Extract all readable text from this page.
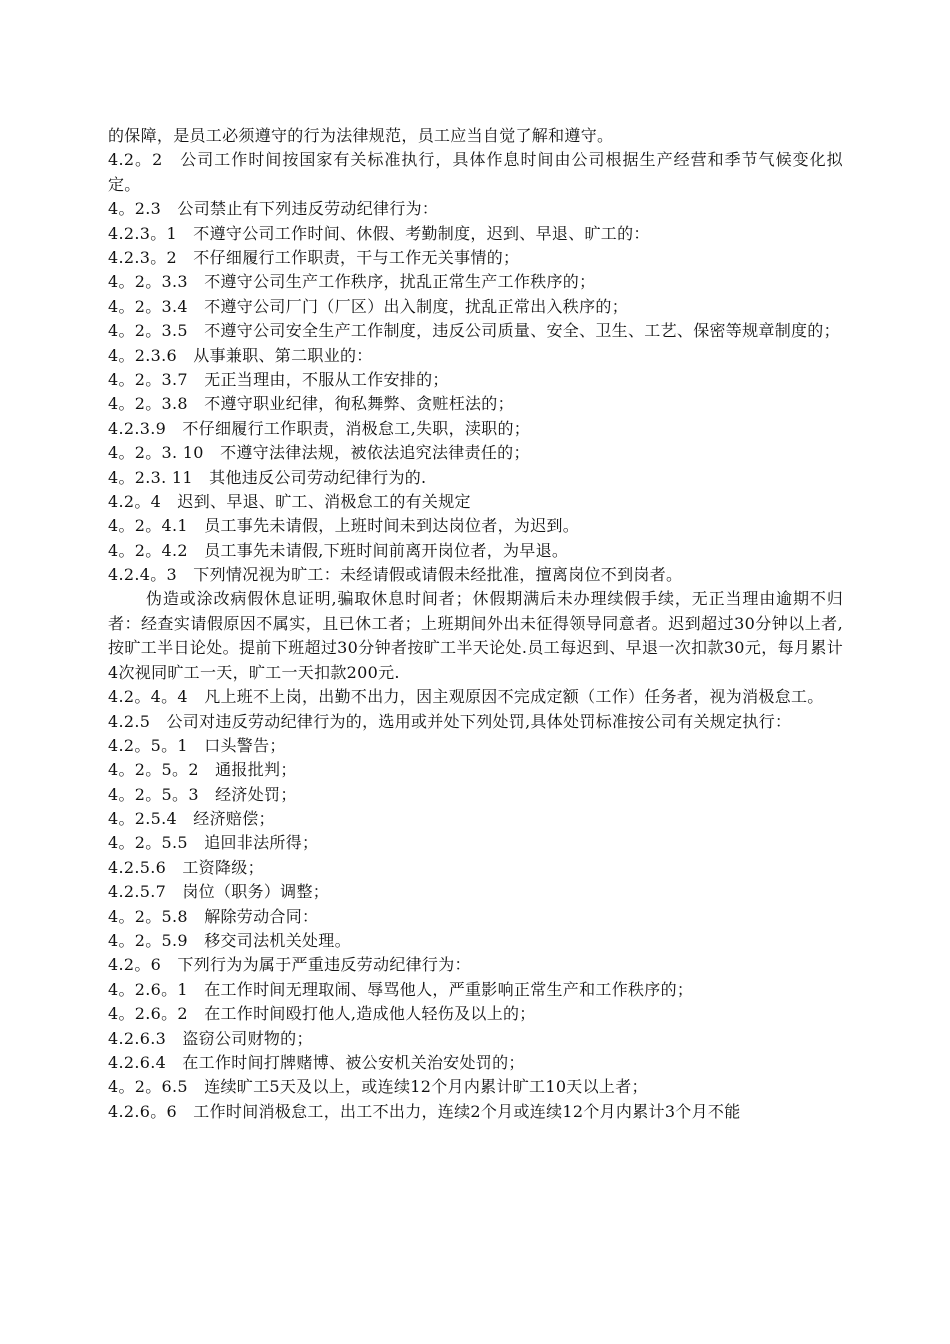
的保障，是员工必须遵守的行为法律规范，员工应当自觉了解和遵守。
4.2。2　公司工作时间按国家有关标准执行，具体作息时间由公司根据生产经营和季节气候变化拟定。
4。2.3　公司禁止有下列违反劳动纪律行为：
4.2.3。1　不遵守公司工作时间、休假、考勤制度，迟到、早退、旷工的：
4.2.3。2　不仔细履行工作职责，干与工作无关事情的；
4。2。3.3　不遵守公司生产工作秩序，扰乱正常生产工作秩序的；
4。2。3.4　不遵守公司厂门（厂区）出入制度，扰乱正常出入秩序的；
4。2。3.5　不遵守公司安全生产工作制度，违反公司质量、安全、卫生、工艺、保密等规章制度的；
4。2.3.6　从事兼职、第二职业的：
4。2。3.7　无正当理由，不服从工作安排的；
4。2。3.8　不遵守职业纪律，徇私舞弊、贪赃枉法的；
4.2.3.9　不仔细履行工作职责，消极怠工,失职，渎职的；
4。2。3. 10　不遵守法律法规，被依法追究法律责任的；
4。2.3. 11　其他违反公司劳动纪律行为的.
4.2。4　迟到、早退、旷工、消极怠工的有关规定
4。2。4.1　员工事先未请假，上班时间未到达岗位者，为迟到。
4。2。4.2　员工事先未请假,下班时间前离开岗位者，为早退。
4.2.4。3　下列情况视为旷工：未经请假或请假未经批准，擅离岗位不到岗者。
伪造或涂改病假休息证明,骗取休息时间者；休假期满后未办理续假手续，无正当理由逾期不归者：经查实请假原因不属实，且已休工者；上班期间外出未征得领导同意者。迟到超过30分钟以上者,按旷工半日论处。提前下班超过30分钟者按旷工半天论处.员工每迟到、早退一次扣款30元，每月累计4次视同旷工一天，旷工一天扣款200元.
4.2。4。4　凡上班不上岗，出勤不出力，因主观原因不完成定额（工作）任务者，视为消极怠工。
4.2.5　公司对违反劳动纪律行为的，选用或并处下列处罚,具体处罚标准按公司有关规定执行：
4.2。5。1　口头警告；
4。2。5。2　通报批判；
4。2。5。3　经济处罚；
4。2.5.4　经济赔偿；
4。2。5.5　追回非法所得；
4.2.5.6　工资降级；
4.2.5.7　岗位（职务）调整；
4。2。5.8　解除劳动合同：
4。2。5.9　移交司法机关处理。
4.2。6　下列行为为属于严重违反劳动纪律行为：
4。2.6。1　在工作时间无理取闹、辱骂他人，严重影响正常生产和工作秩序的；
4。2.6。2　在工作时间殴打他人,造成他人轻伤及以上的；
4.2.6.3　盗窃公司财物的；
4.2.6.4　在工作时间打牌赌博、被公安机关治安处罚的；
4。2。6.5　连续旷工5天及以上，或连续12个月内累计旷工10天以上者；
4.2.6。6　工作时间消极怠工，出工不出力，连续2个月或连续12个月内累计3个月不能
